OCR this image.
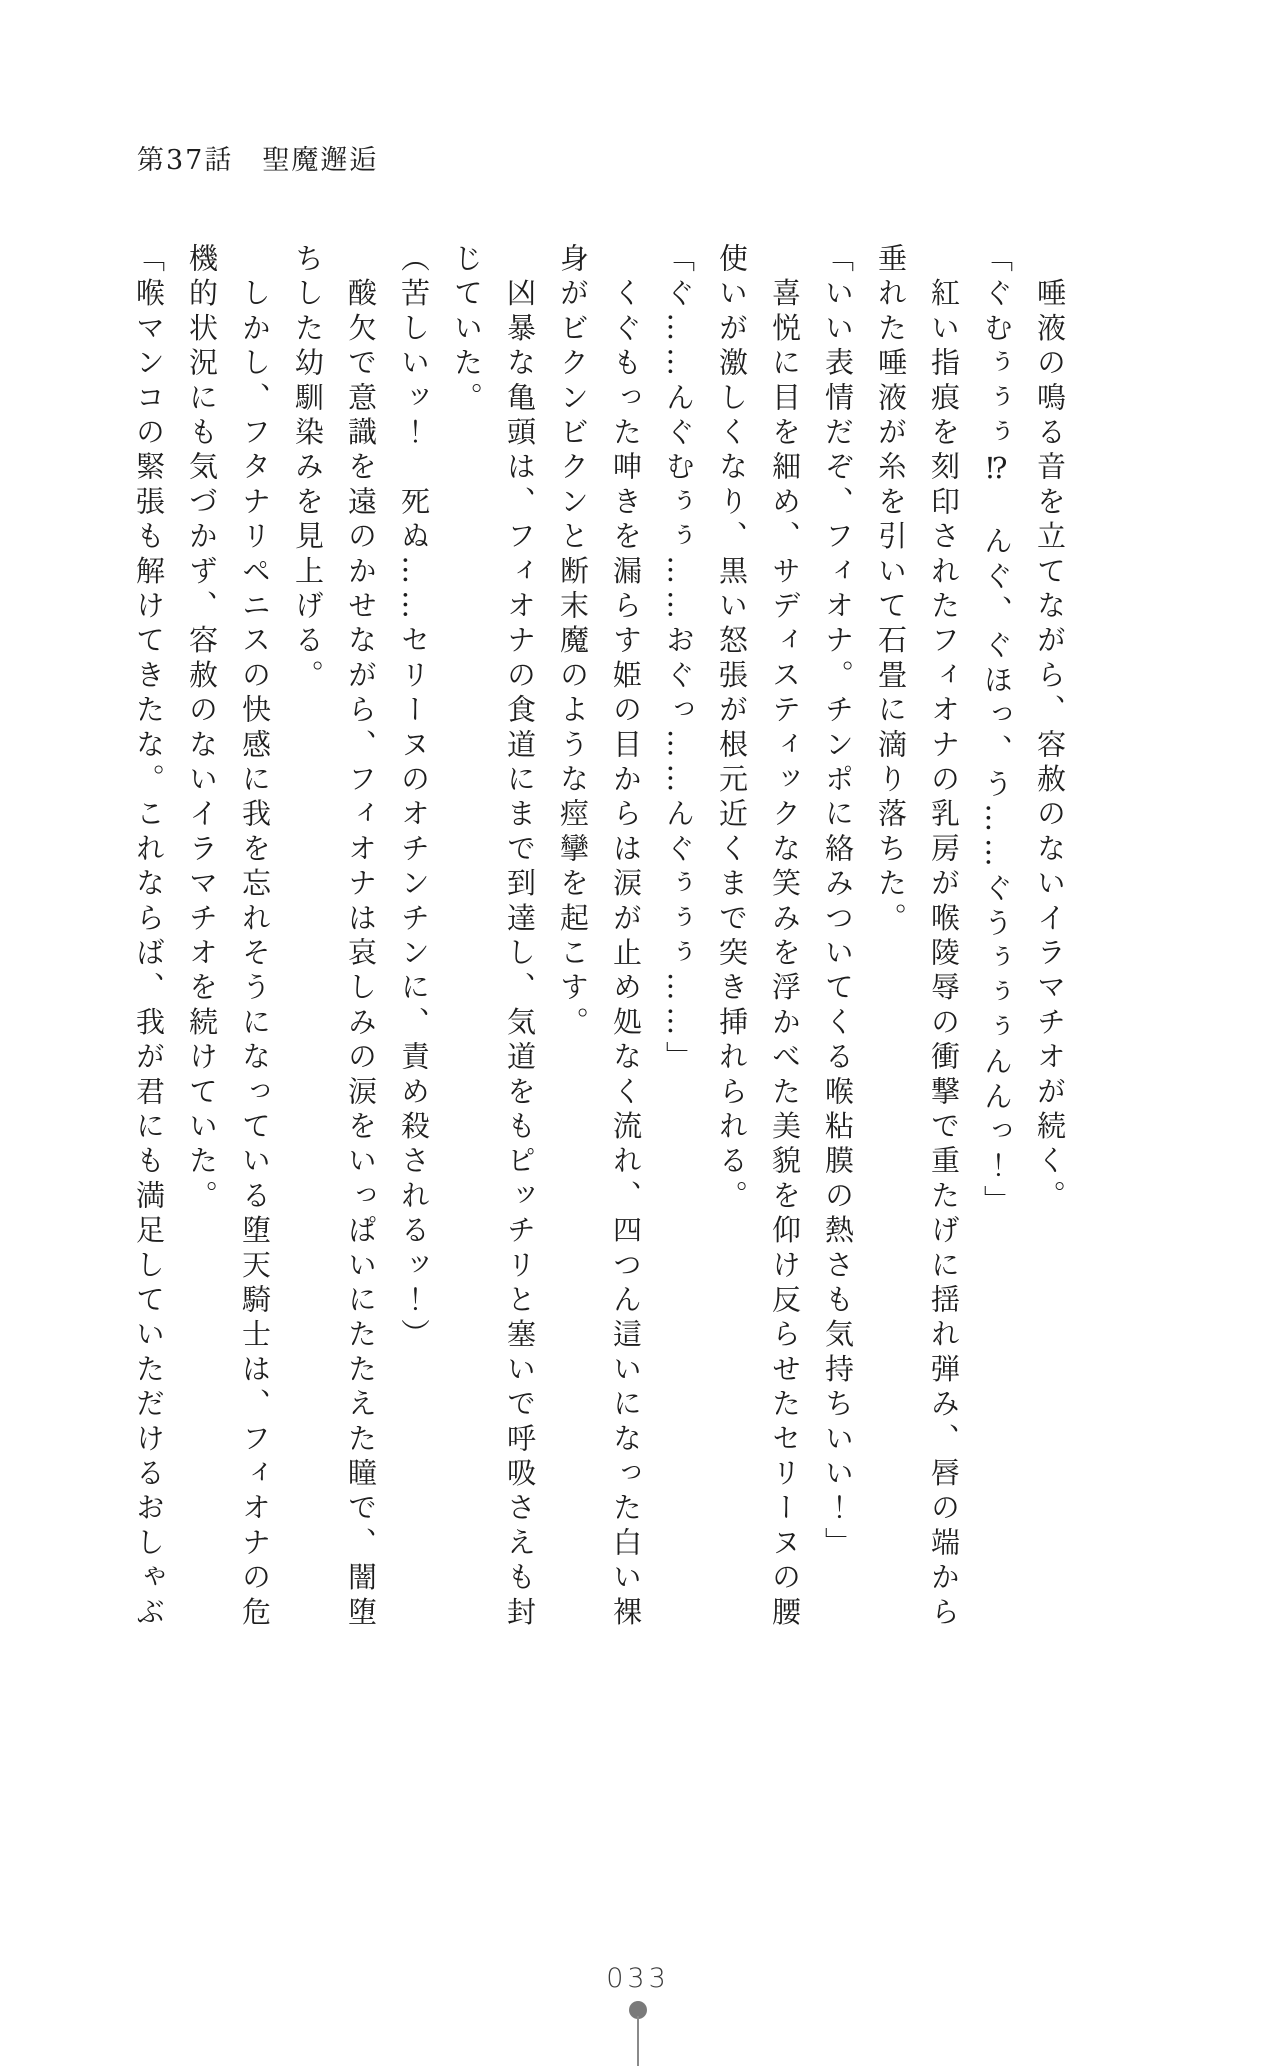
第37話　聖魔邂逅
　唾液の鳴る音を立てながら、容赦のないイラマチオが続く。
「ぐむぅぅぅ⁉　んぐ、ぐほっ、う……ぐうぅぅぅんんっ！」
　紅い指痕を刻印されたフィオナの乳房が喉陵辱の衝撃で重たげに揺れ弾み、唇の端から
垂れた唾液が糸を引いて石畳に滴り落ちた。
「いい表情だぞ、フィオナ。チンポに絡みついてくる喉粘膜の熱さも気持ちいい！」
　喜悦に目を細め、サディスティックな笑みを浮かべた美貌を仰け反らせたセリーヌの腰
使いが激しくなり、黒い怒張が根元近くまで突き挿れられる。
「ぐ……んぐむぅぅ……おぐっ……んぐぅぅぅ……」
　くぐもった呻きを漏らす姫の目からは涙が止め処なく流れ、四つん這いになった白い裸
身がビクンビクンと断末魔のような痙攣を起こす。
　凶暴な亀頭は、フィオナの食道にまで到達し、気道をもピッチリと塞いで呼吸さえも封
じていた。
（苦しいッ！　死ぬ……セリーヌのオチンチンに、責め殺されるッ！）
　酸欠で意識を遠のかせながら、フィオナは哀しみの涙をいっぱいにたたえた瞳で、闇堕
ちした幼馴染みを見上げる。
　しかし、フタナリペニスの快感に我を忘れそうになっている堕天騎士は、フィオナの危
機的状況にも気づかず、容赦のないイラマチオを続けていた。
「喉マンコの緊張も解けてきたな。これならば、我が君にも満足していただけるおしゃぶ
033
